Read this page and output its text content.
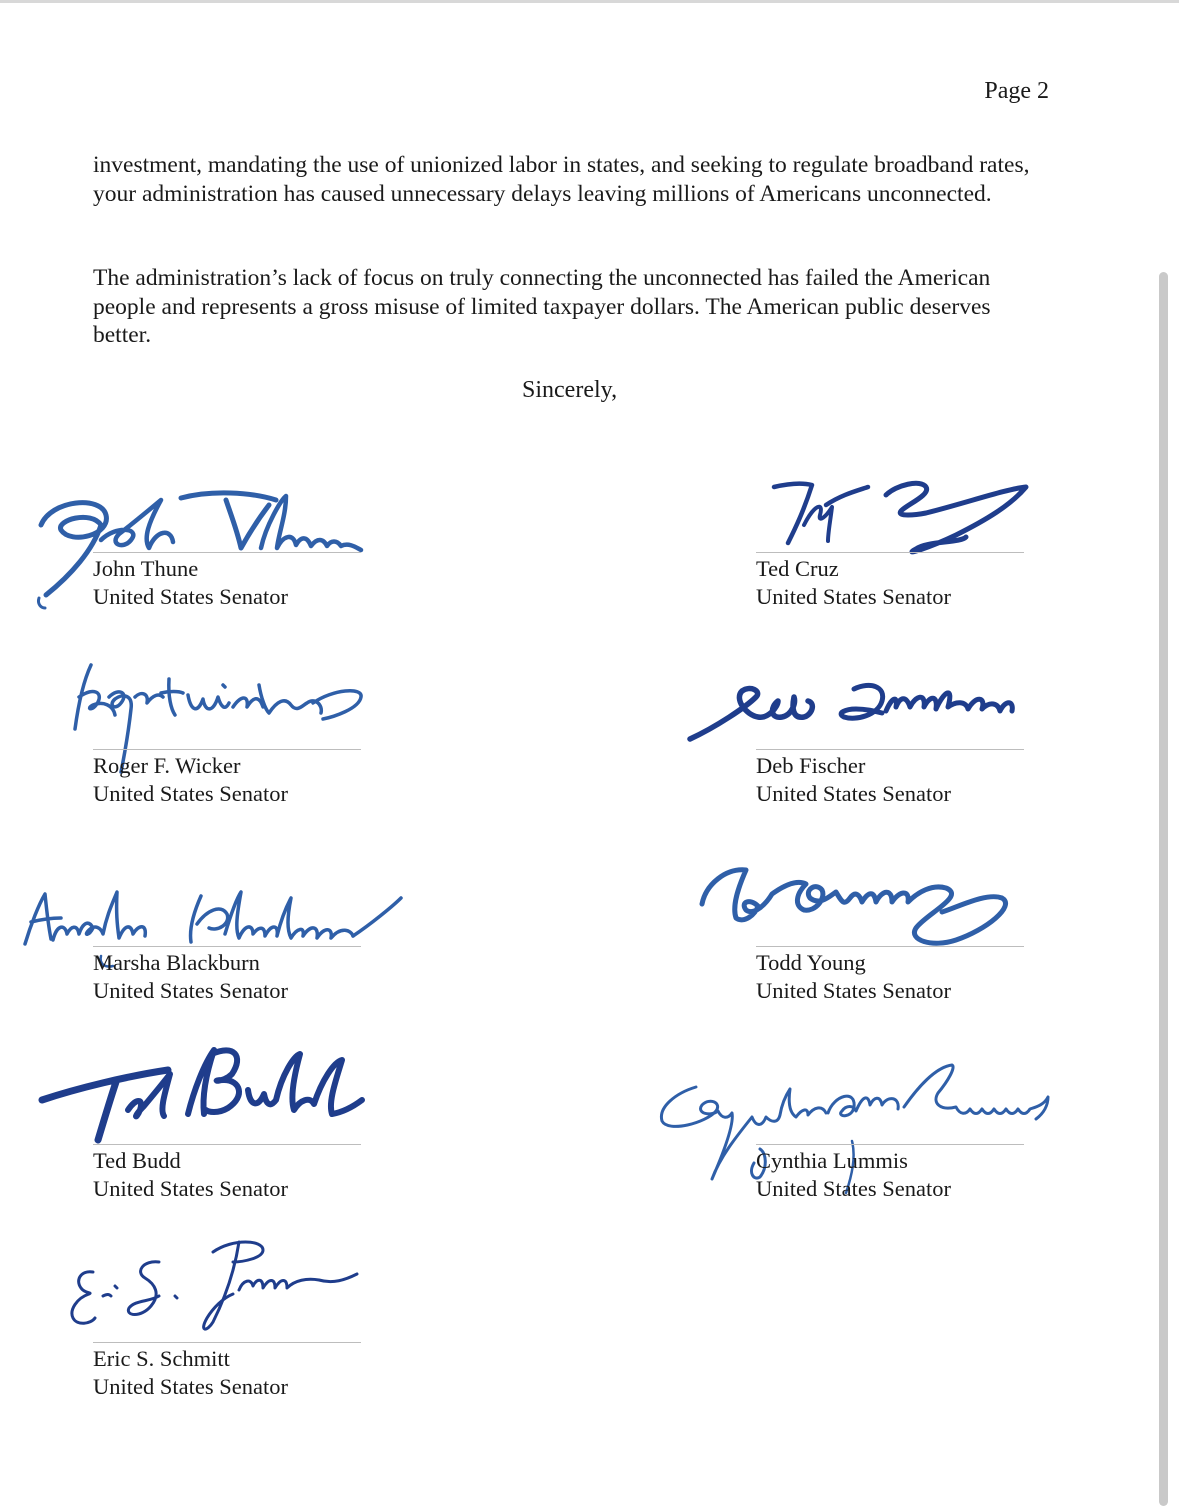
Page 2

investment, mandating the use of unionized labor in states, and seeking to regulate broadband rates, your administration has caused unnecessary delays leaving millions of Americans unconnected.

The administration’s lack of focus on truly connecting the unconnected has failed the American people and represents a gross misuse of limited taxpayer dollars. The American public deserves better.

Sincerely,
John Thune
United States Senator
Ted Cruz
United States Senator
Roger F. Wicker
United States Senator
Deb Fischer
United States Senator
Marsha Blackburn
United States Senator
Todd Young
United States Senator
Ted Budd
United States Senator
Cynthia Lummis
United States Senator
Eric S. Schmitt
United States Senator
